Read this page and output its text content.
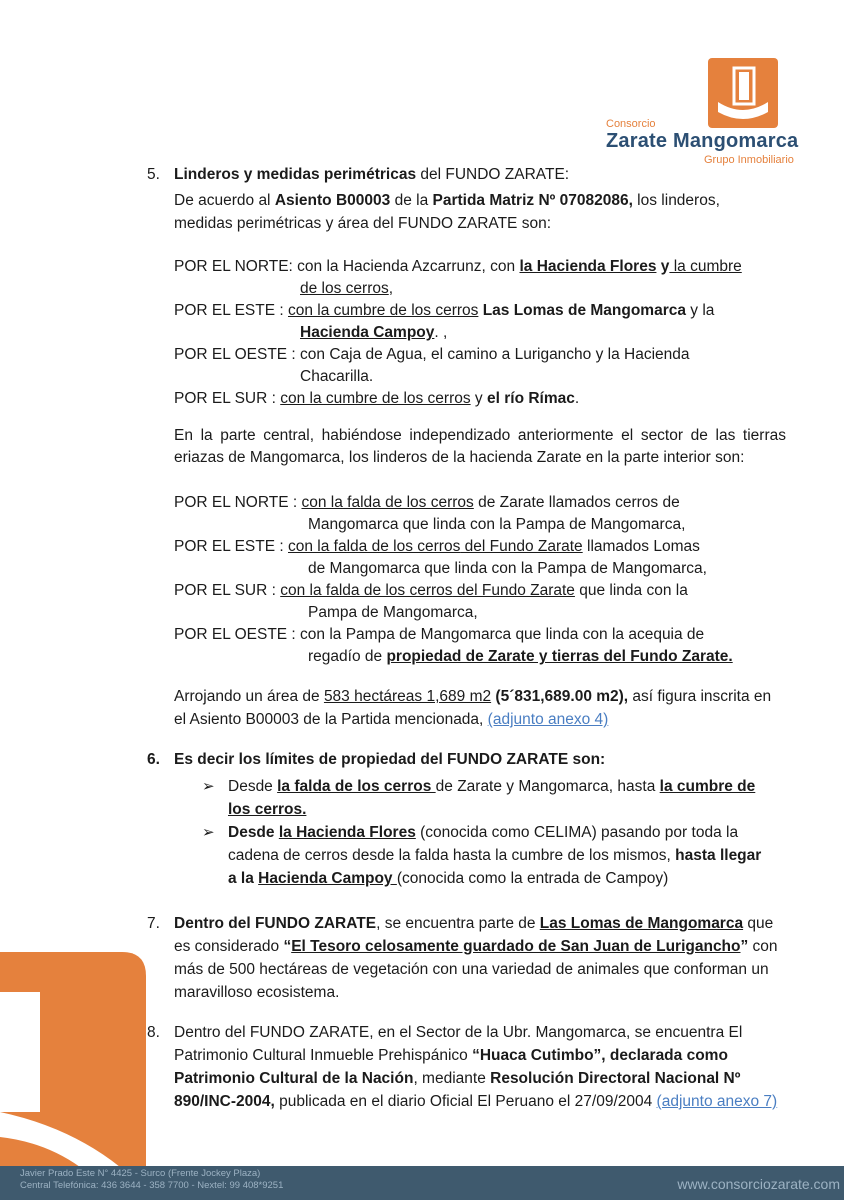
Consorcio
Zarate Mangomarca
Grupo Inmobiliario
5. Linderos y medidas perimétricas del FUNDO ZARATE:
De acuerdo al Asiento B00003 de la Partida Matriz Nº 07082086, los linderos,
medidas perimétricas y área del FUNDO ZARATE son:
POR EL NORTE: con la Hacienda Azcarrunz, con la Hacienda Flores y la cumbre
de los cerros,
POR EL ESTE : con la cumbre de los cerros Las Lomas de Mangomarca y la
Hacienda Campoy. ,
POR EL OESTE : con Caja de Agua, el camino a Lurigancho y la Hacienda
Chacarilla.
POR EL SUR : con la cumbre de los cerros y el río Rímac.
En la parte central, habiéndose independizado anteriormente el sector de las tierras eriazas de Mangomarca, los linderos de la hacienda Zarate en la parte interior son:
POR EL NORTE : con la falda de los cerros de Zarate llamados cerros de
Mangomarca que linda con la Pampa de Mangomarca,
POR EL ESTE : con la falda de los cerros del Fundo Zarate llamados Lomas
de Mangomarca que linda con la Pampa de Mangomarca,
POR EL SUR : con la falda de los cerros del Fundo Zarate que linda con la
Pampa de Mangomarca,
POR EL OESTE : con la Pampa de Mangomarca que linda con la acequia de
regadío de propiedad de Zarate y tierras del Fundo Zarate.
Arrojando un área de 583 hectáreas 1,689 m2 (5´831,689.00 m2), así figura inscrita en
el Asiento B00003 de la Partida mencionada, (adjunto anexo 4)
6. Es decir los límites de propiedad del FUNDO ZARATE son:
➢ Desde la falda de los cerros de Zarate y Mangomarca, hasta la cumbre de
los cerros.
➢ Desde la Hacienda Flores (conocida como CELIMA) pasando por toda la
cadena de cerros desde la falda hasta la cumbre de los mismos, hasta llegar
a la Hacienda Campoy (conocida como la entrada de Campoy)
7. Dentro del FUNDO ZARATE, se encuentra parte de Las Lomas de Mangomarca que
es considerado “El Tesoro celosamente guardado de San Juan de Lurigancho” con
más de 500 hectáreas de vegetación con una variedad de animales que conforman un
maravilloso ecosistema.
8. Dentro del FUNDO ZARATE, en el Sector de la Ubr. Mangomarca, se encuentra El
Patrimonio Cultural Inmueble Prehispánico “Huaca Cutimbo”, declarada como
Patrimonio Cultural de la Nación, mediante Resolución Directoral Nacional Nº
890/INC-2004, publicada en el diario Oficial El Peruano el 27/09/2004 (adjunto anexo 7)
Javier Prado Este N° 4425 - Surco (Frente Jockey Plaza)
Central Telefónica: 436 3644 - 358 7700 - Nextel: 99 408*9251	www.consorciozarate.com
